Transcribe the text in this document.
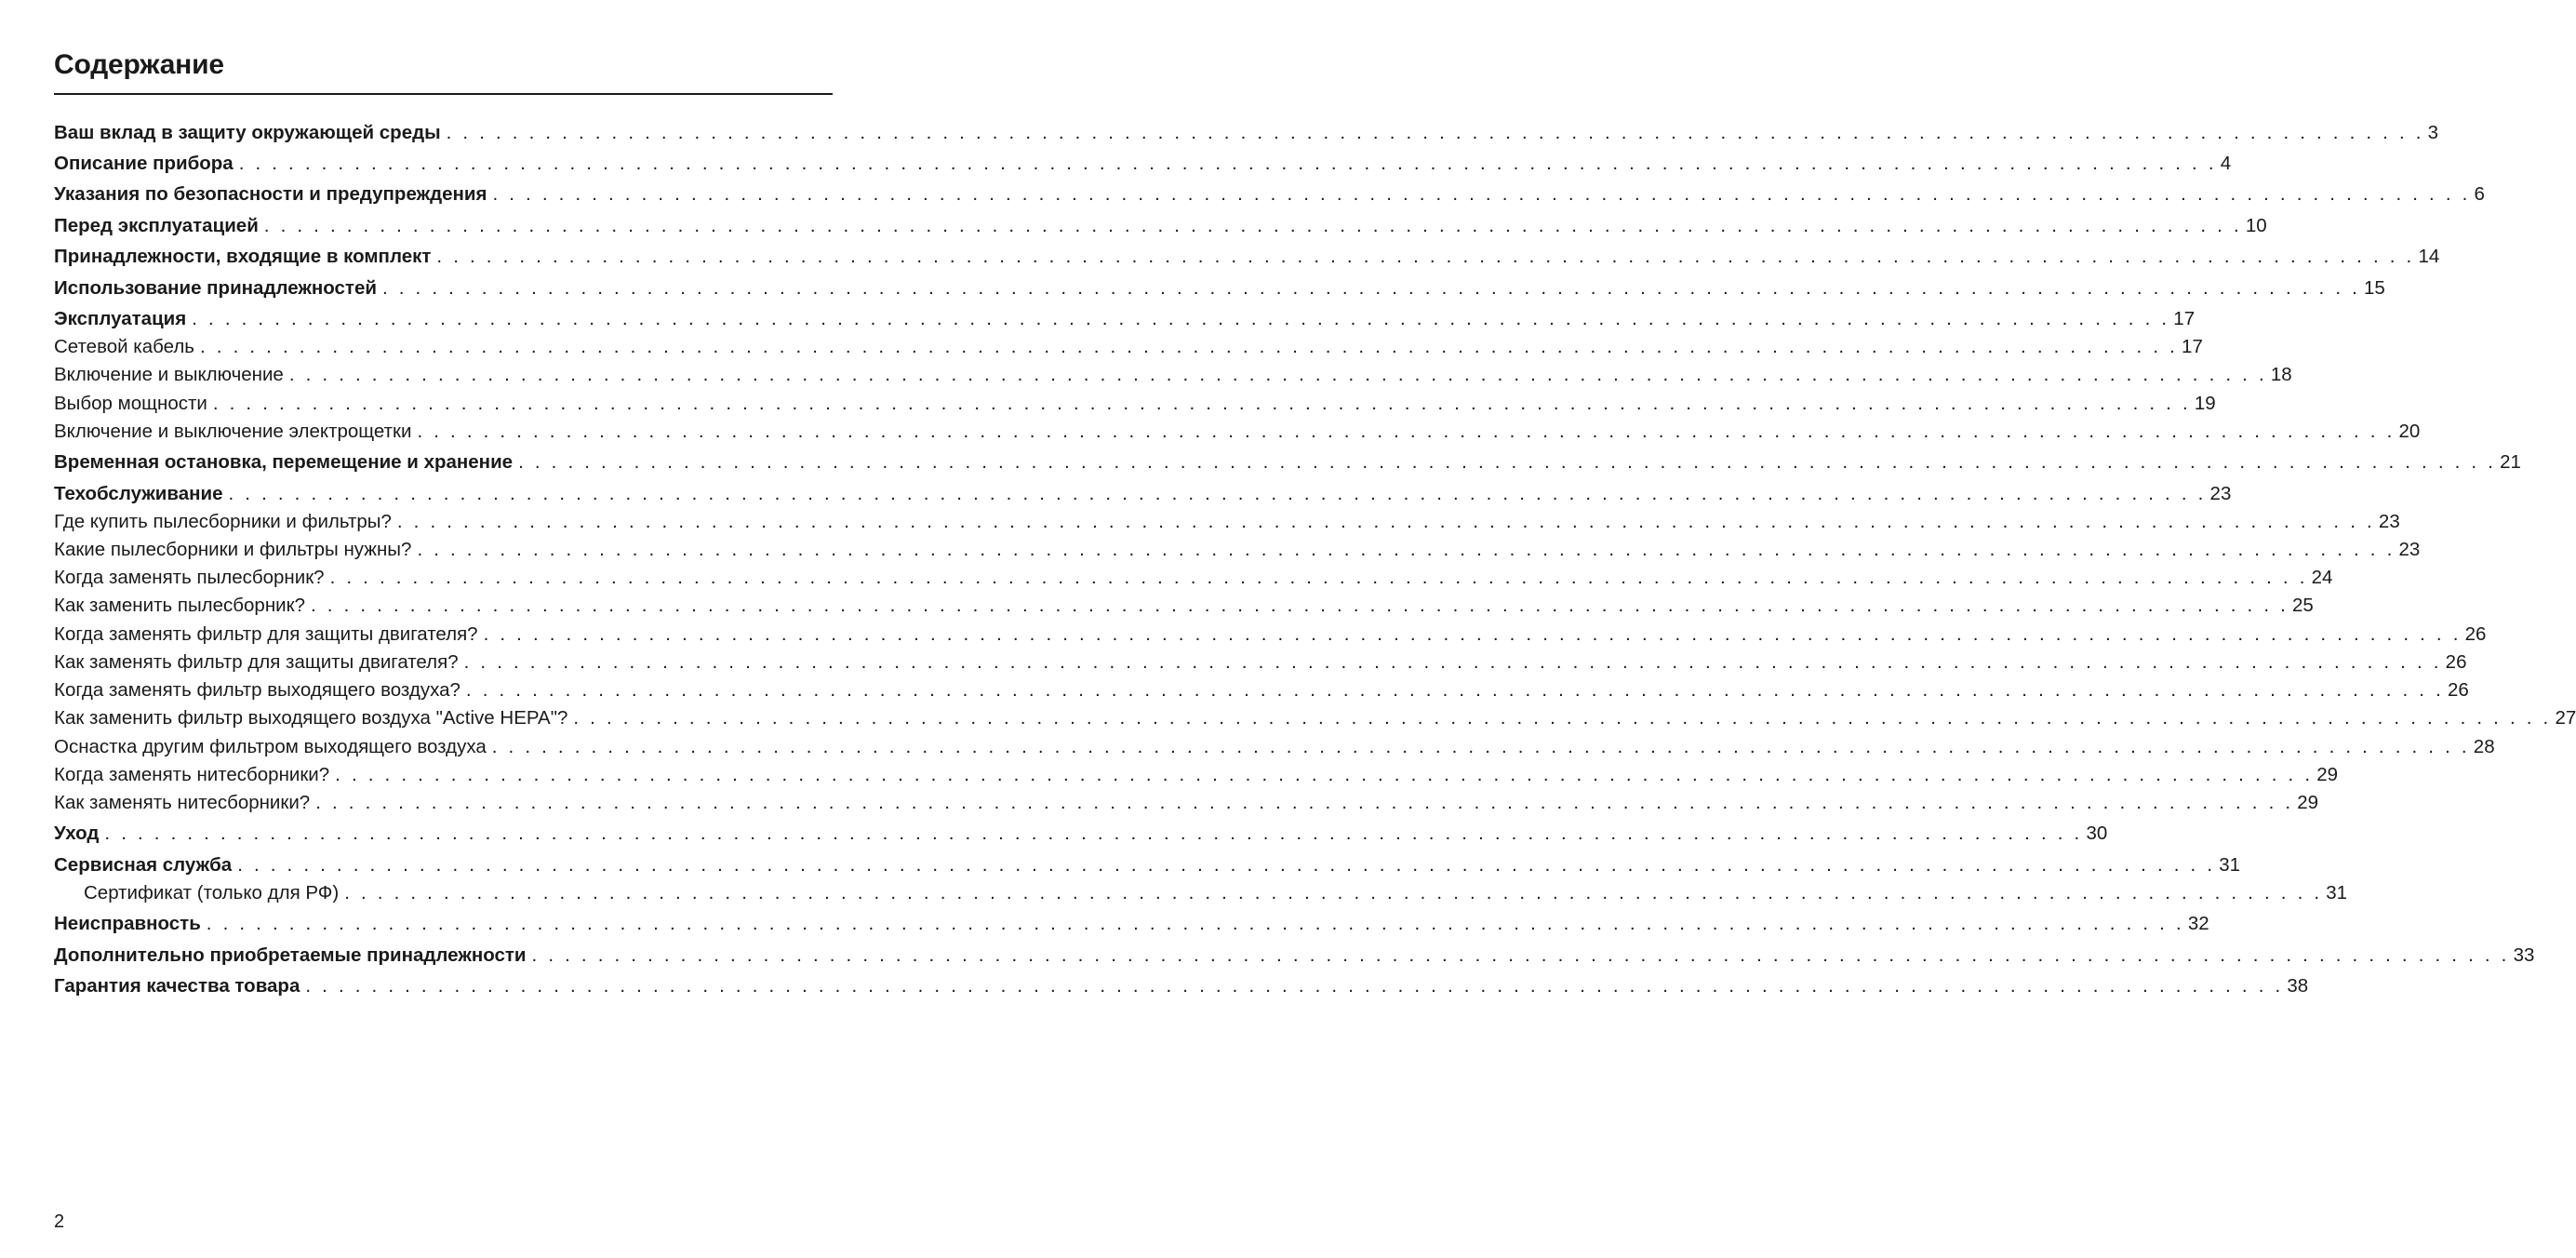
Содержание
Ваш вклад в защиту окружающей среды . . . . . . . . . . . . . . . . . . . . . . . . . . . . . . . . . . . . . . . . . . . . . . . . . . . . . . . . . . . . . . . . . . . . . . . . . . . . . . . . . . . . . . . . . . . . . . . . . . . . . . . . . . . . . . . . . . . . . . . . 3
Описание прибора . . . . . . . . . . . . . . . . . . . . . . . . . . . . . . . . . . . . . . . . . . . . . . . . . . . . . . . . . . . . . . . . . . . . . . . . . . . . . . . . . . . . . . . . . . . . . . . . . . . . . . . . . . . . . . . . . . . . . . . . 4
Указания по безопасности и предупреждения . . . . . . . . . . . . . . . . . . . . . . . . . . . . . . . . . . . . . . . . . . . . . . . . . . . . . . . . . . . . . . . . . . . . . . . . . . . . . . . . . . . . . . . . . . . . . . . . . . . . . . . . . . . . . . . . . . . . . . . . 6
Перед эксплуатацией . . . . . . . . . . . . . . . . . . . . . . . . . . . . . . . . . . . . . . . . . . . . . . . . . . . . . . . . . . . . . . . . . . . . . . . . . . . . . . . . . . . . . . . . . . . . . . . . . . . . . . . . . . . . . . . . . . . . . . . . 10
Принадлежности, входящие в комплект . . . . . . . . . . . . . . . . . . . . . . . . . . . . . . . . . . . . . . . . . . . . . . . . . . . . . . . . . . . . . . . . . . . . . . . . . . . . . . . . . . . . . . . . . . . . . . . . . . . . . . . . . . . . . . . . . . . . . . . . 14
Использование принадлежностей . . . . . . . . . . . . . . . . . . . . . . . . . . . . . . . . . . . . . . . . . . . . . . . . . . . . . . . . . . . . . . . . . . . . . . . . . . . . . . . . . . . . . . . . . . . . . . . . . . . . . . . . . . . . . . . . . . . . . . . . 15
Эксплуатация . . . . . . . . . . . . . . . . . . . . . . . . . . . . . . . . . . . . . . . . . . . . . . . . . . . . . . . . . . . . . . . . . . . . . . . . . . . . . . . . . . . . . . . . . . . . . . . . . . . . . . . . . . . . . . . . . . . . . . . . 17
Сетевой кабель . . . . . . . . . . . . . . . . . . . . . . . . . . . . . . . . . . . . . . . . . . . . . . . . . . . . . . . . . . . . . . . . . . . . . . . . . . . . . . . . . . . . . . . . . . . . . . . . . . . . . . . . . . . . . . . . . . . . . . . . 17
Включение и выключение . . . . . . . . . . . . . . . . . . . . . . . . . . . . . . . . . . . . . . . . . . . . . . . . . . . . . . . . . . . . . . . . . . . . . . . . . . . . . . . . . . . . . . . . . . . . . . . . . . . . . . . . . . . . . . . . . . . . . . . . 18
Выбор мощности . . . . . . . . . . . . . . . . . . . . . . . . . . . . . . . . . . . . . . . . . . . . . . . . . . . . . . . . . . . . . . . . . . . . . . . . . . . . . . . . . . . . . . . . . . . . . . . . . . . . . . . . . . . . . . . . . . . . . . . . 19
Включение и выключение электрощетки . . . . . . . . . . . . . . . . . . . . . . . . . . . . . . . . . . . . . . . . . . . . . . . . . . . . . . . . . . . . . . . . . . . . . . . . . . . . . . . . . . . . . . . . . . . . . . . . . . . . . . . . . . . . . . . . . . . . . . . . 20
Временная остановка, перемещение и хранение . . . . . . . . . . . . . . . . . . . . . . . . . . . . . . . . . . . . . . . . . . . . . . . . . . . . . . . . . . . . . . . . . . . . . . . . . . . . . . . . . . . . . . . . . . . . . . . . . . . . . . . . . . . . . . . . . . . . . . . . 21
Техобслуживание . . . . . . . . . . . . . . . . . . . . . . . . . . . . . . . . . . . . . . . . . . . . . . . . . . . . . . . . . . . . . . . . . . . . . . . . . . . . . . . . . . . . . . . . . . . . . . . . . . . . . . . . . . . . . . . . . . . . . . . . 23
Где купить пылесборники и фильтры? . . . . . . . . . . . . . . . . . . . . . . . . . . . . . . . . . . . . . . . . . . . . . . . . . . . . . . . . . . . . . . . . . . . . . . . . . . . . . . . . . . . . . . . . . . . . . . . . . . . . . . . . . . . . . . . . . . . . . . . . 23
Какие пылесборники и фильтры нужны? . . . . . . . . . . . . . . . . . . . . . . . . . . . . . . . . . . . . . . . . . . . . . . . . . . . . . . . . . . . . . . . . . . . . . . . . . . . . . . . . . . . . . . . . . . . . . . . . . . . . . . . . . . . . . . . . . . . . . . . . 23
Когда заменять пылесборник? . . . . . . . . . . . . . . . . . . . . . . . . . . . . . . . . . . . . . . . . . . . . . . . . . . . . . . . . . . . . . . . . . . . . . . . . . . . . . . . . . . . . . . . . . . . . . . . . . . . . . . . . . . . . . . . . . . . . . . . . 24
Как заменить пылесборник? . . . . . . . . . . . . . . . . . . . . . . . . . . . . . . . . . . . . . . . . . . . . . . . . . . . . . . . . . . . . . . . . . . . . . . . . . . . . . . . . . . . . . . . . . . . . . . . . . . . . . . . . . . . . . . . . . . . . . . . . 25
Когда заменять фильтр для защиты двигателя? . . . . . . . . . . . . . . . . . . . . . . . . . . . . . . . . . . . . . . . . . . . . . . . . . . . . . . . . . . . . . . . . . . . . . . . . . . . . . . . . . . . . . . . . . . . . . . . . . . . . . . . . . . . . . . . . . . . . . . . . 26
Как заменять фильтр для защиты двигателя? . . . . . . . . . . . . . . . . . . . . . . . . . . . . . . . . . . . . . . . . . . . . . . . . . . . . . . . . . . . . . . . . . . . . . . . . . . . . . . . . . . . . . . . . . . . . . . . . . . . . . . . . . . . . . . . . . . . . . . . . 26
Когда заменять фильтр выходящего воздуха? . . . . . . . . . . . . . . . . . . . . . . . . . . . . . . . . . . . . . . . . . . . . . . . . . . . . . . . . . . . . . . . . . . . . . . . . . . . . . . . . . . . . . . . . . . . . . . . . . . . . . . . . . . . . . . . . . . . . . . . . 26
Как заменить фильтр выходящего воздуха "Active HEPA"? . . . . . . . . . . . . . . . . . . . . . . . . . . . . . . . . . . . . . . . . . . . . . . . . . . . . . . . . . . . . . . . . . . . . . . . . . . . . . . . . . . . . . . . . . . . . . . . . . . . . . . . . . . . . . . . . . . . . . . . . 27
Оснастка другим фильтром выходящего воздуха . . . . . . . . . . . . . . . . . . . . . . . . . . . . . . . . . . . . . . . . . . . . . . . . . . . . . . . . . . . . . . . . . . . . . . . . . . . . . . . . . . . . . . . . . . . . . . . . . . . . . . . . . . . . . . . . . . . . . . . . 28
Когда заменять нитесборники? . . . . . . . . . . . . . . . . . . . . . . . . . . . . . . . . . . . . . . . . . . . . . . . . . . . . . . . . . . . . . . . . . . . . . . . . . . . . . . . . . . . . . . . . . . . . . . . . . . . . . . . . . . . . . . . . . . . . . . . . 29
Как заменять нитесборники? . . . . . . . . . . . . . . . . . . . . . . . . . . . . . . . . . . . . . . . . . . . . . . . . . . . . . . . . . . . . . . . . . . . . . . . . . . . . . . . . . . . . . . . . . . . . . . . . . . . . . . . . . . . . . . . . . . . . . . . . 29
Уход . . . . . . . . . . . . . . . . . . . . . . . . . . . . . . . . . . . . . . . . . . . . . . . . . . . . . . . . . . . . . . . . . . . . . . . . . . . . . . . . . . . . . . . . . . . . . . . . . . . . . . . . . . . . . . . . . . . . . . . . 30
Сервисная служба . . . . . . . . . . . . . . . . . . . . . . . . . . . . . . . . . . . . . . . . . . . . . . . . . . . . . . . . . . . . . . . . . . . . . . . . . . . . . . . . . . . . . . . . . . . . . . . . . . . . . . . . . . . . . . . . . . . . . . . . 31
Сертификат (только для РФ) . . . . . . . . . . . . . . . . . . . . . . . . . . . . . . . . . . . . . . . . . . . . . . . . . . . . . . . . . . . . . . . . . . . . . . . . . . . . . . . . . . . . . . . . . . . . . . . . . . . . . . . . . . . . . . . . . . . . . . . . 31
Неисправность . . . . . . . . . . . . . . . . . . . . . . . . . . . . . . . . . . . . . . . . . . . . . . . . . . . . . . . . . . . . . . . . . . . . . . . . . . . . . . . . . . . . . . . . . . . . . . . . . . . . . . . . . . . . . . . . . . . . . . . . 32
Дополнительно приобретаемые принадлежности . . . . . . . . . . . . . . . . . . . . . . . . . . . . . . . . . . . . . . . . . . . . . . . . . . . . . . . . . . . . . . . . . . . . . . . . . . . . . . . . . . . . . . . . . . . . . . . . . . . . . . . . . . . . . . . . . . . . . . . . 33
Гарантия качества товара . . . . . . . . . . . . . . . . . . . . . . . . . . . . . . . . . . . . . . . . . . . . . . . . . . . . . . . . . . . . . . . . . . . . . . . . . . . . . . . . . . . . . . . . . . . . . . . . . . . . . . . . . . . . . . . . . . . . . . . . 38
2
